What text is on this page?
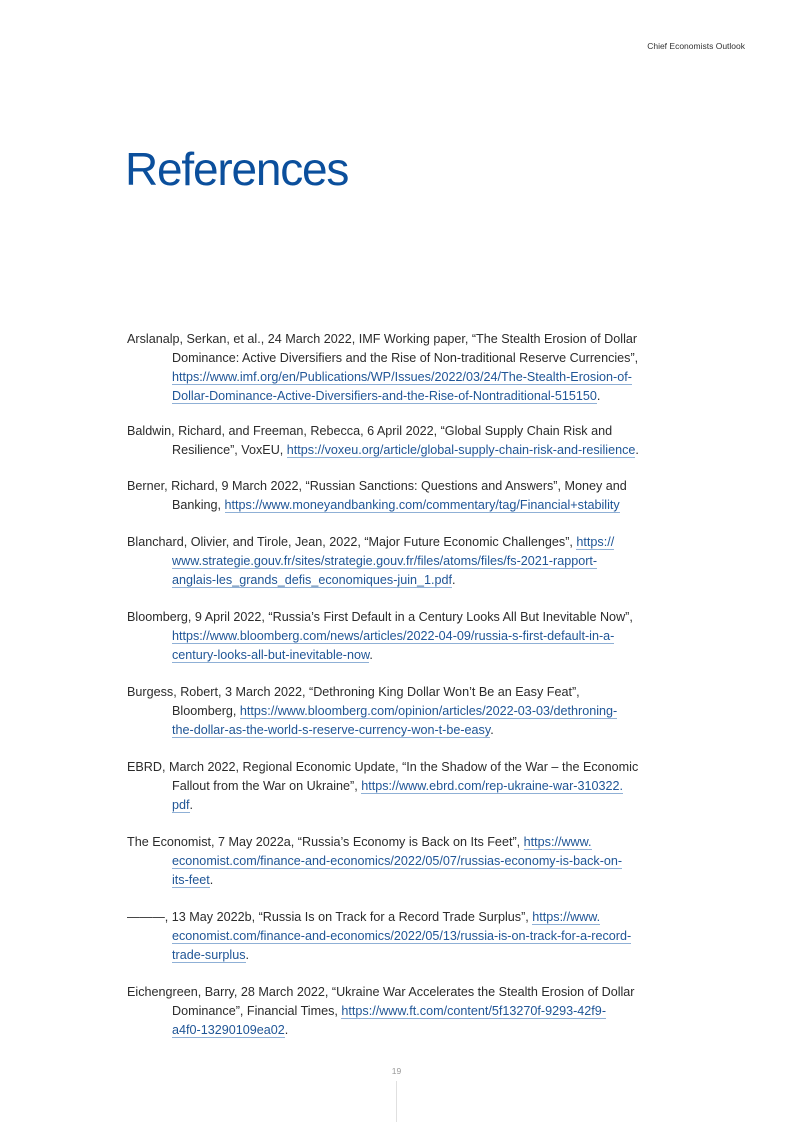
Chief Economists Outlook
References
Arslanalp, Serkan, et al., 24 March 2022, IMF Working paper, “The Stealth Erosion of Dollar
Dominance: Active Diversifiers and the Rise of Non-traditional Reserve Currencies”,
https://www.imf.org/en/Publications/WP/Issues/2022/03/24/The-Stealth-Erosion-of-
Dollar-Dominance-Active-Diversifiers-and-the-Rise-of-Nontraditional-515150.
Baldwin, Richard, and Freeman, Rebecca, 6 April 2022, “Global Supply Chain Risk and
Resilience”, VoxEU, https://voxeu.org/article/global-supply-chain-risk-and-resilience.
Berner, Richard, 9 March 2022, “Russian Sanctions: Questions and Answers”, Money and
Banking, https://www.moneyandbanking.com/commentary/tag/Financial+stability
Blanchard, Olivier, and Tirole, Jean, 2022, “Major Future Economic Challenges”, https://
www.strategie.gouv.fr/sites/strategie.gouv.fr/files/atoms/files/fs-2021-rapport-
anglais-les_grands_defis_economiques-juin_1.pdf.
Bloomberg, 9 April 2022, “Russia’s First Default in a Century Looks All But Inevitable Now”,
https://www.bloomberg.com/news/articles/2022-04-09/russia-s-first-default-in-a-
century-looks-all-but-inevitable-now.
Burgess, Robert, 3 March 2022, “Dethroning King Dollar Won’t Be an Easy Feat”,
Bloomberg, https://www.bloomberg.com/opinion/articles/2022-03-03/dethroning-
the-dollar-as-the-world-s-reserve-currency-won-t-be-easy.
EBRD, March 2022, Regional Economic Update, “In the Shadow of the War – the Economic
Fallout from the War on Ukraine”, https://www.ebrd.com/rep-ukraine-war-310322.
pdf.
The Economist, 7 May 2022a, “Russia’s Economy is Back on Its Feet”, https://www.
economist.com/finance-and-economics/2022/05/07/russias-economy-is-back-on-
its-feet.
———, 13 May 2022b, “Russia Is on Track for a Record Trade Surplus”, https://www.
economist.com/finance-and-economics/2022/05/13/russia-is-on-track-for-a-record-
trade-surplus.
Eichengreen, Barry, 28 March 2022, “Ukraine War Accelerates the Stealth Erosion of Dollar
Dominance”, Financial Times, https://www.ft.com/content/5f13270f-9293-42f9-
a4f0-13290109ea02.
19
